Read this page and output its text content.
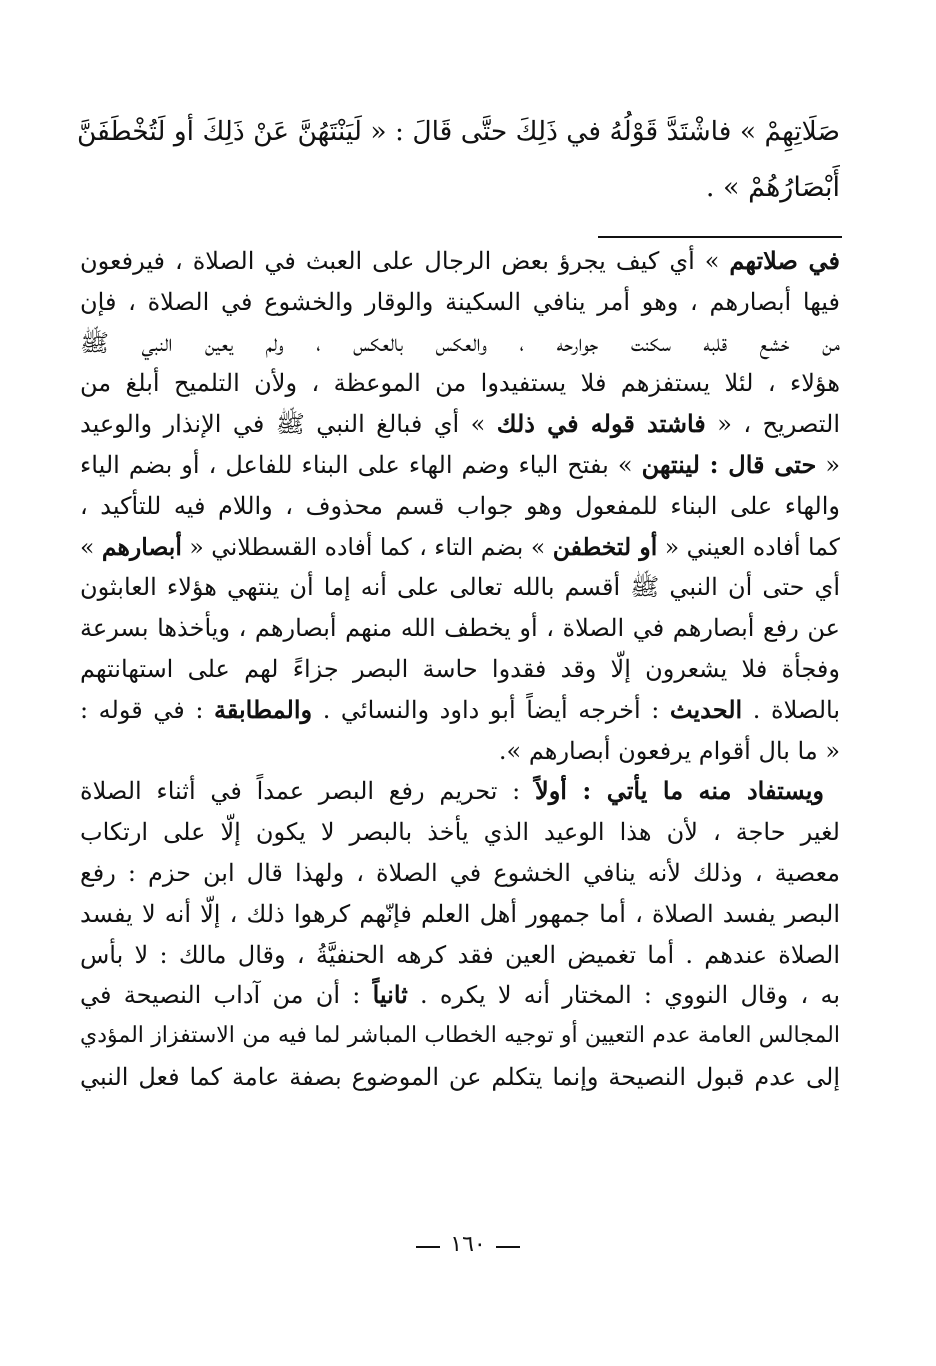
صَلَاتِهِمْ » فاشْتَدَّ قَوْلُهُ في ذَلِكَ حتَّى قَالَ : « لَيَنْتَهُنَّ عَنْ ذَلِكَ أو لَتُخْطَفَنَّ
أَبْصَارُهُمْ » .
في صلاتهم » أي كيف يجرؤ بعض الرجال على العبث في الصلاة ، فيرفعون
فيها أبصارهم ، وهو أمر ينافي السكينة والوقار والخشوع في الصلاة ، فإن
من خشع قلبه سكنت جوارحه ، والعكس بالعكس ، ولم يعين النبي ﷺ
هؤلاء ، لئلا يستفزهم فلا يستفيدوا من الموعظة ، ولأن التلميح أبلغ من
التصريح ، « فاشتد قوله في ذلك » أي فبالغ النبي ﷺ في الإنذار والوعيد
« حتى قال : لينتهن » بفتح الياء وضم الهاء على البناء للفاعل ، أو بضم الياء
والهاء على البناء للمفعول وهو جواب قسم محذوف ، واللام فيه للتأكيد ،
كما أفاده العيني « أو لتخطفن » بضم التاء ، كما أفاده القسطلاني « أبصارهم »
أي حتى أن النبي ﷺ أقسم بالله تعالى على أنه إما أن ينتهي هؤلاء العابثون
عن رفع أبصارهم في الصلاة ، أو يخطف الله منهم أبصارهم ، ويأخذها بسرعة
وفجأة فلا يشعرون إلّا وقد فقدوا حاسة البصر جزاءً لهم على استهانتهم
بالصلاة . الحديث : أخرجه أيضاً أبو داود والنسائي . والمطابقة : في قوله :
« ما بال أقوام يرفعون أبصارهم ».
ويستفاد منه ما يأتي : أولاً : تحريم رفع البصر عمداً في أثناء الصلاة
لغير حاجة ، لأن هذا الوعيد الذي يأخذ بالبصر لا يكون إلّا على ارتكاب
معصية ، وذلك لأنه ينافي الخشوع في الصلاة ، ولهذا قال ابن حزم : رفع
البصر يفسد الصلاة ، أما جمهور أهل العلم فإنّهم كرهوا ذلك ، إلّا أنه لا يفسد
الصلاة عندهم . أما تغميض العين فقد كرهه الحنفيَّةُ ، وقال مالك : لا بأس
به ، وقال النووي : المختار أنه لا يكره . ثانياً : أن من آداب النصيحة في
المجالس العامة عدم التعيين أو توجيه الخطاب المباشر لما فيه من الاستفزاز المؤدي
إلى عدم قبول النصيحة وإنما يتكلم عن الموضوع بصفة عامة كما فعل النبي
١٦٠
